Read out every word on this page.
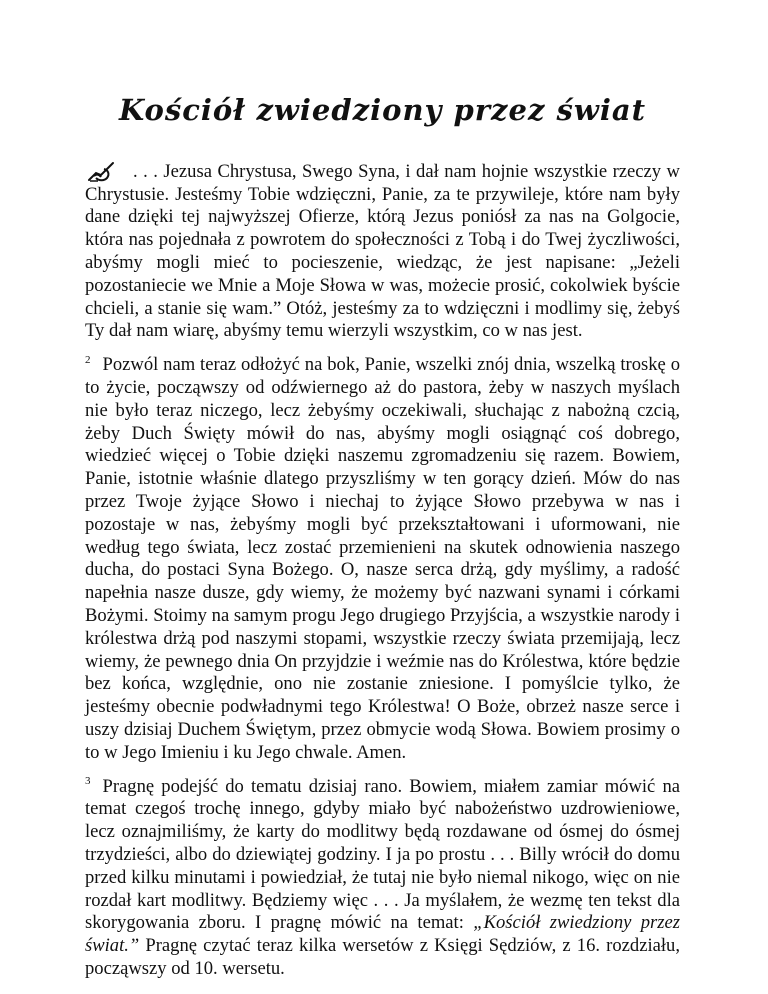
Kościół zwiedziony przez świat

. . . Jezusa Chrystusa, Swego Syna, i dał nam hojnie wszystkie rzeczy w Chrystusie. Jesteśmy Tobie wdzięczni, Panie, za te przywileje, które nam były dane dzięki tej najwyższej Ofierze, którą Jezus poniósł za nas na Golgocie, która nas pojednała z powrotem do społeczności z Tobą i do Twej życzliwości, abyśmy mogli mieć to pocieszenie, wiedząc, że jest napisane: „Jeżeli pozostaniecie we Mnie a Moje Słowa w was, możecie prosić, cokolwiek byście chcieli, a stanie się wam.” Otóż, jesteśmy za to wdzięczni i modlimy się, żebyś Ty dał nam wiarę, abyśmy temu wierzyli wszystkim, co w nas jest.

$^2$ Pozwól nam teraz odłożyć na bok, Panie, wszelki znój dnia, wszelką troskę o to życie, począwszy od odźwiernego aż do pastora, żeby w naszych myślach nie było teraz niczego, lecz żebyśmy oczekiwali, słuchając z nabożną czcią, żeby Duch Święty mówił do nas, abyśmy mogli osiągnąć coś dobrego, wiedzieć więcej o Tobie dzięki naszemu zgromadzeniu się razem. Bowiem, Panie, istotnie właśnie dlatego przyszliśmy w ten gorący dzień. Mów do nas przez Twoje żyjące Słowo i niechaj to żyjące Słowo przebywa w nas i pozostaje w nas, żebyśmy mogli być przekształtowani i uformowani, nie według tego świata, lecz zostać przemienieni na skutek odnowienia naszego ducha, do postaci Syna Bożego. O, nasze serca drżą, gdy myślimy, a radość napełnia nasze dusze, gdy wiemy, że możemy być nazwani synami i córkami Bożymi. Stoimy na samym progu Jego drugiego Przyjścia, a wszystkie narody i królestwa drżą pod naszymi stopami, wszystkie rzeczy świata przemijają, lecz wiemy, że pewnego dnia On przyjdzie i weźmie nas do Królestwa, które będzie bez końca, względnie, ono nie zostanie zniesione. I pomyślcie tylko, że jesteśmy obecnie podwładnymi tego Królestwa! O Boże, obrzeż nasze serce i uszy dzisiaj Duchem Świętym, przez obmycie wodą Słowa. Bowiem prosimy o to w Jego Imieniu i ku Jego chwale. Amen.

$^3$ Pragnę podejść do tematu dzisiaj rano. Bowiem, miałem zamiar mówić na temat czegoś trochę innego, gdyby miało być nabożeństwo uzdrowieniowe, lecz oznajmiliśmy, że karty do modlitwy będą rozdawane od ósmej do ósmej trzydzieści, albo do dziewiątej godziny. I ja po prostu . . . Billy wrócił do domu przed kilku minutami i powiedział, że tutaj nie było niemal nikogo, więc on nie rozdał kart modlitwy. Będziemy więc . . . Ja myślałem, że wezmę ten tekst dla skorygowania zboru. I pragnę mówić na temat: „Kościół zwiedziony przez świat.” Pragnę czytać teraz kilka wersetów z Księgi Sędziów, z 16. rozdziału, począwszy od 10. wersetu.
